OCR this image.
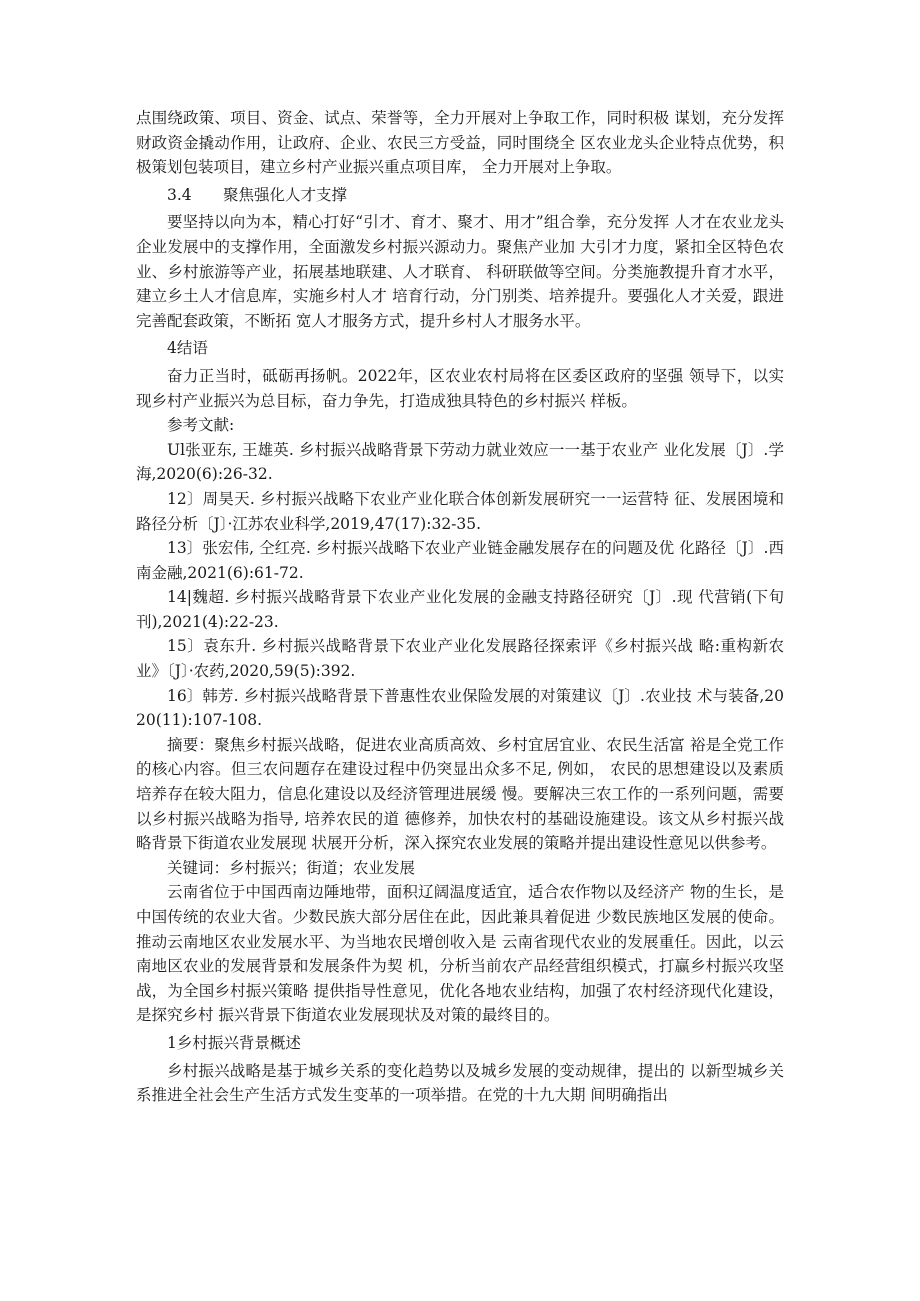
点围绕政策、项目、资金、试点、荣誉等，全力开展对上争取工作，同时积极 谋划，充分发挥财政资金撬动作用，让政府、企业、农民三方受益，同时围绕全 区农业龙头企业特点优势，积极策划包装项目，建立乡村产业振兴重点项目库， 全力开展对上争取。

3.4 聚焦强化人才支撑

要坚持以向为本，精心打好“引才、育才、聚才、用才”组合拳，充分发挥 人才在农业龙头企业发展中的支撑作用，全面激发乡村振兴源动力。聚焦产业加 大引才力度，紧扣全区特色农业、乡村旅游等产业，拓展基地联建、人才联育、 科研联做等空间。分类施教提升育才水平，建立乡土人才信息库，实施乡村人才 培育行动，分门别类、培养提升。要强化人才关爱，跟进完善配套政策，不断拓 宽人才服务方式，提升乡村人才服务水平。

4结语

奋力正当时，砥砺再扬帆。2022年，区农业农村局将在区委区政府的坚强 领导下，以实现乡村产业振兴为总目标，奋力争先，打造成独具特色的乡村振兴 样板。

参考文献:

Ul张亚东, 王雄英. 乡村振兴战略背景下劳动力就业效应一一基于农业产 业化发展〔J〕.学海,2020(6):26-32.

12〕周昊天. 乡村振兴战略下农业产业化联合体创新发展研究一一运营特 征、发展困境和路径分析〔J〕·江苏农业科学,2019,47(17):32-35.

13〕张宏伟, 仝红亮. 乡村振兴战略下农业产业链金融发展存在的问题及优 化路径〔J〕.西南金融,2021(6):61-72.

14|魏超. 乡村振兴战略背景下农业产业化发展的金融支持路径研究〔J〕.现 代营销(下旬刊),2021(4):22-23.

15〕袁东升. 乡村振兴战略背景下农业产业化发展路径探索评《乡村振兴战 略:重构新农业》〔J〕·农药,2020,59(5):392.

16〕韩芳. 乡村振兴战略背景下普惠性农业保险发展的对策建议〔J〕.农业技 术与装备,2020(11):107-108.

摘要：聚焦乡村振兴战略，促进农业高质高效、乡村宜居宜业、农民生活富 裕是全党工作的核心内容。但三农问题存在建设过程中仍突显出众多不足, 例如， 农民的思想建设以及素质培养存在较大阻力，信息化建设以及经济管理进展缓 慢。要解决三农工作的一系列问题，需要以乡村振兴战略为指导, 培养农民的道 德修养，加快农村的基础设施建设。该文从乡村振兴战略背景下街道农业发展现 状展开分析，深入探究农业发展的策略并提出建设性意见以供参考。

关键词：乡村振兴；街道；农业发展

云南省位于中国西南边陲地带，面积辽阔温度适宜，适合农作物以及经济产 物的生长，是中国传统的农业大省。少数民族大部分居住在此，因此兼具着促进 少数民族地区发展的使命。推动云南地区农业发展水平、为当地农民增创收入是 云南省现代农业的发展重任。因此，以云南地区农业的发展背景和发展条件为契 机，分析当前农产品经营组织模式，打赢乡村振兴攻坚战，为全国乡村振兴策略 提供指导性意见，优化各地农业结构，加强了农村经济现代化建设，是探究乡村 振兴背景下街道农业发展现状及对策的最终目的。

1乡村振兴背景概述

乡村振兴战略是基于城乡关系的变化趋势以及城乡发展的变动规律，提出的 以新型城乡关系推进全社会生产生活方式发生变革的一项举措。在党的十九大期 间明确指出
